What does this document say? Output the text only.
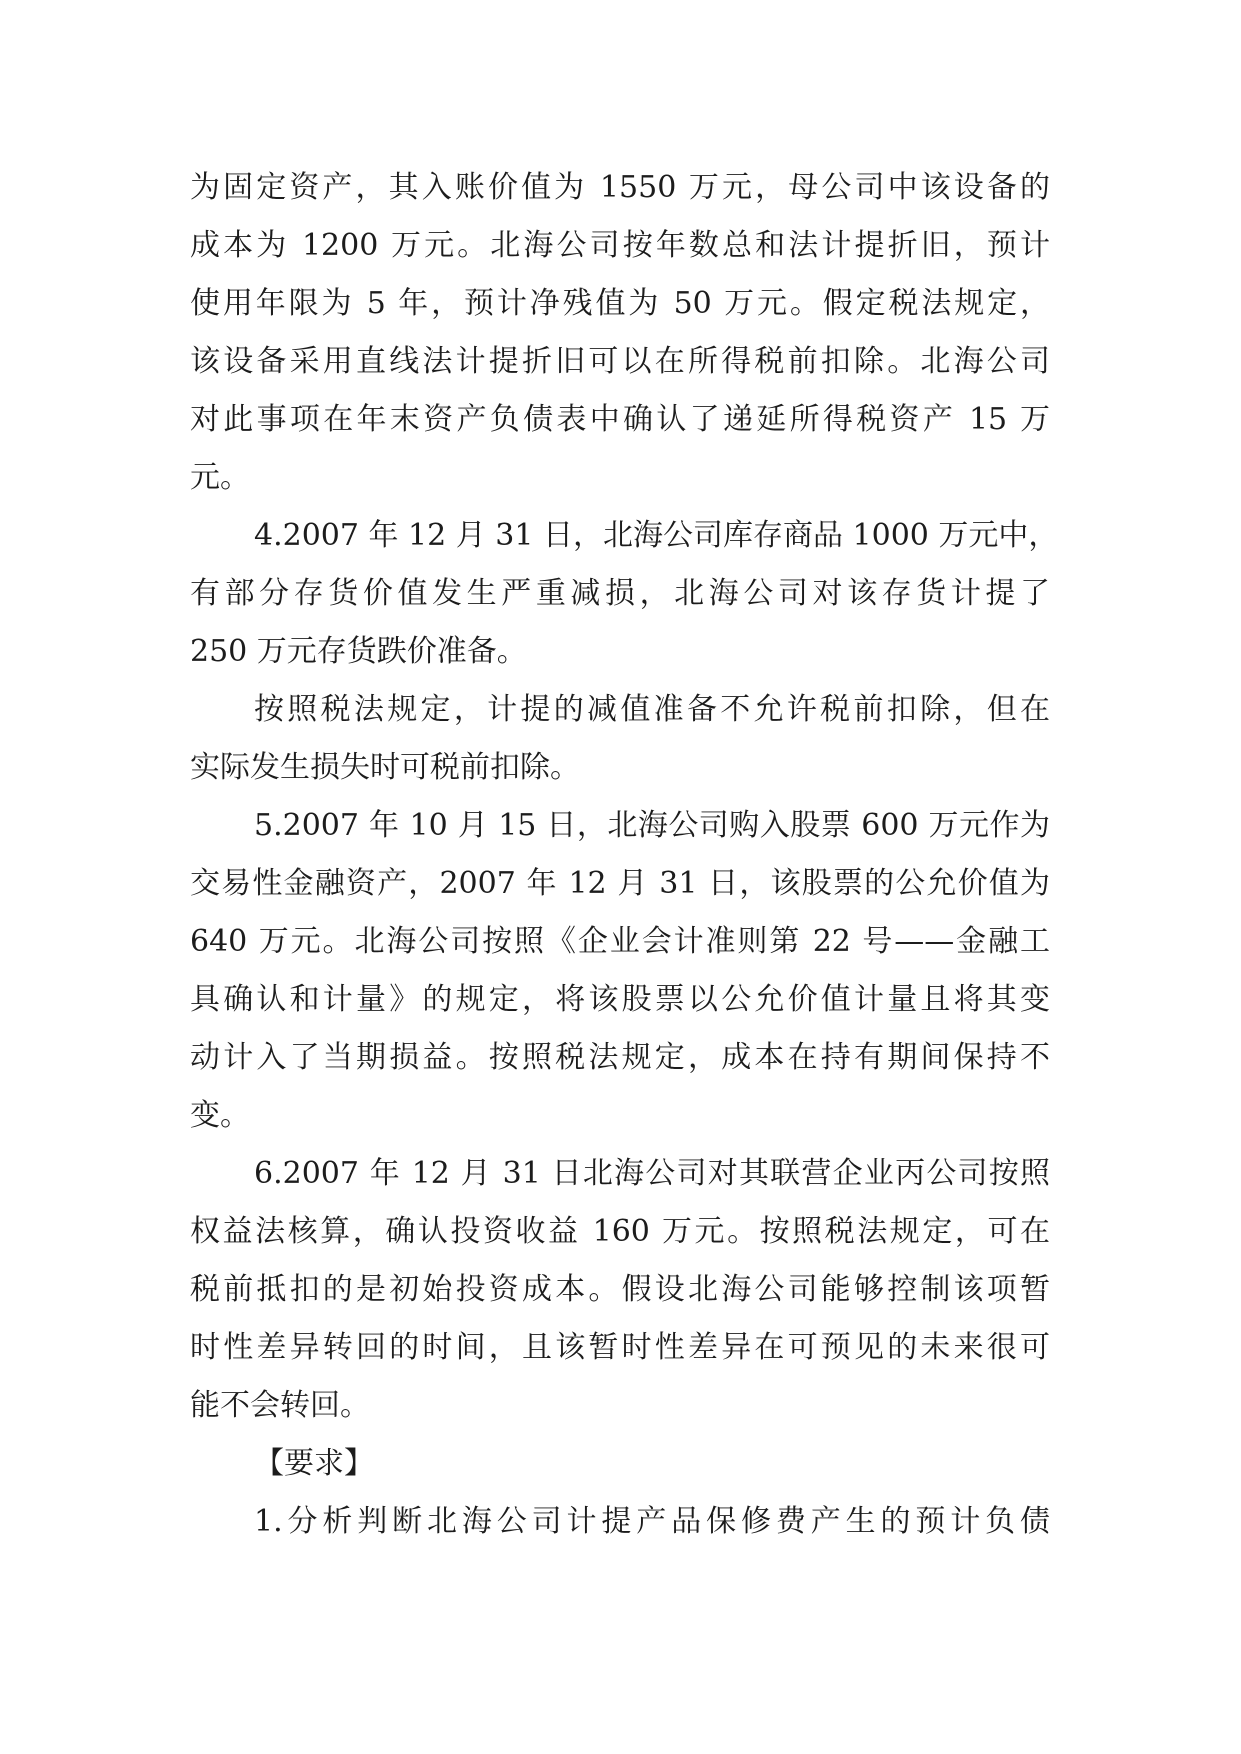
为固定资产，其入账价值为 1550 万元，母公司中该设备的
成本为 1200 万元。北海公司按年数总和法计提折旧，预计
使用年限为 5 年，预计净残值为 50 万元。假定税法规定，
该设备采用直线法计提折旧可以在所得税前扣除。北海公司
对此事项在年末资产负债表中确认了递延所得税资产 15 万
元。
4.2007 年 12 月 31 日，北海公司库存商品 1000 万元中，
有部分存货价值发生严重减损，北海公司对该存货计提了
250 万元存货跌价准备。
按照税法规定，计提的减值准备不允许税前扣除，但在
实际发生损失时可税前扣除。
5.2007 年 10 月 15 日，北海公司购入股票 600 万元作为
交易性金融资产，2007 年 12 月 31 日，该股票的公允价值为
640 万元。北海公司按照《企业会计准则第 22 号——金融工
具确认和计量》的规定，将该股票以公允价值计量且将其变
动计入了当期损益。按照税法规定，成本在持有期间保持不
变。
6.2007 年 12 月 31 日北海公司对其联营企业丙公司按照
权益法核算，确认投资收益 160 万元。按照税法规定，可在
税前抵扣的是初始投资成本。假设北海公司能够控制该项暂
时性差异转回的时间，且该暂时性差异在可预见的未来很可
能不会转回。
【要求】
1.分析判断北海公司计提产品保修费产生的预计负债
